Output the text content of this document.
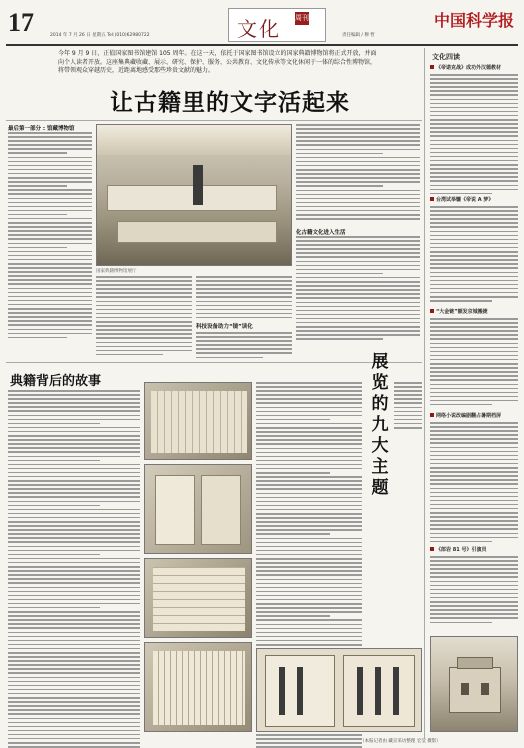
17	2014 年 7 月 26 日 星期五 Tel:(010)62980722	文化 周刊
责任编辑 / 穆 哲
中国科学报
今年 9 月 9 日，正值国家图书馆建馆 105 周年。在这一天，依托于国家图书馆设立的国家典籍博物馆将正式开放，并面向个人读者开放。这座集典藏收藏、展示、研究、保护、服务、公共教育、文化传承等文化休闲于一体的综合性博物馆，将带领观众穿越历史，近距离地感受那些珍贵文献的魅力。
让古籍里的文字活起来
最后第一部分 : 馆藏博物馆
国家典籍博物馆展厅
化古籍文化进入生活
科技设备助力“镜”读化
典籍背后的故事
展
览
的
九
大
主
题
（本报记者由 藏京采访整理 宏莹 摄影）
文化四读
《帝诺克战》成功外汉德教材
台湾试举镰《帝说 A 梦》
“大金链”额发京城搬捷
网络小说改编剧翻占暑期档屏
《郎岩 81 号》引演员
